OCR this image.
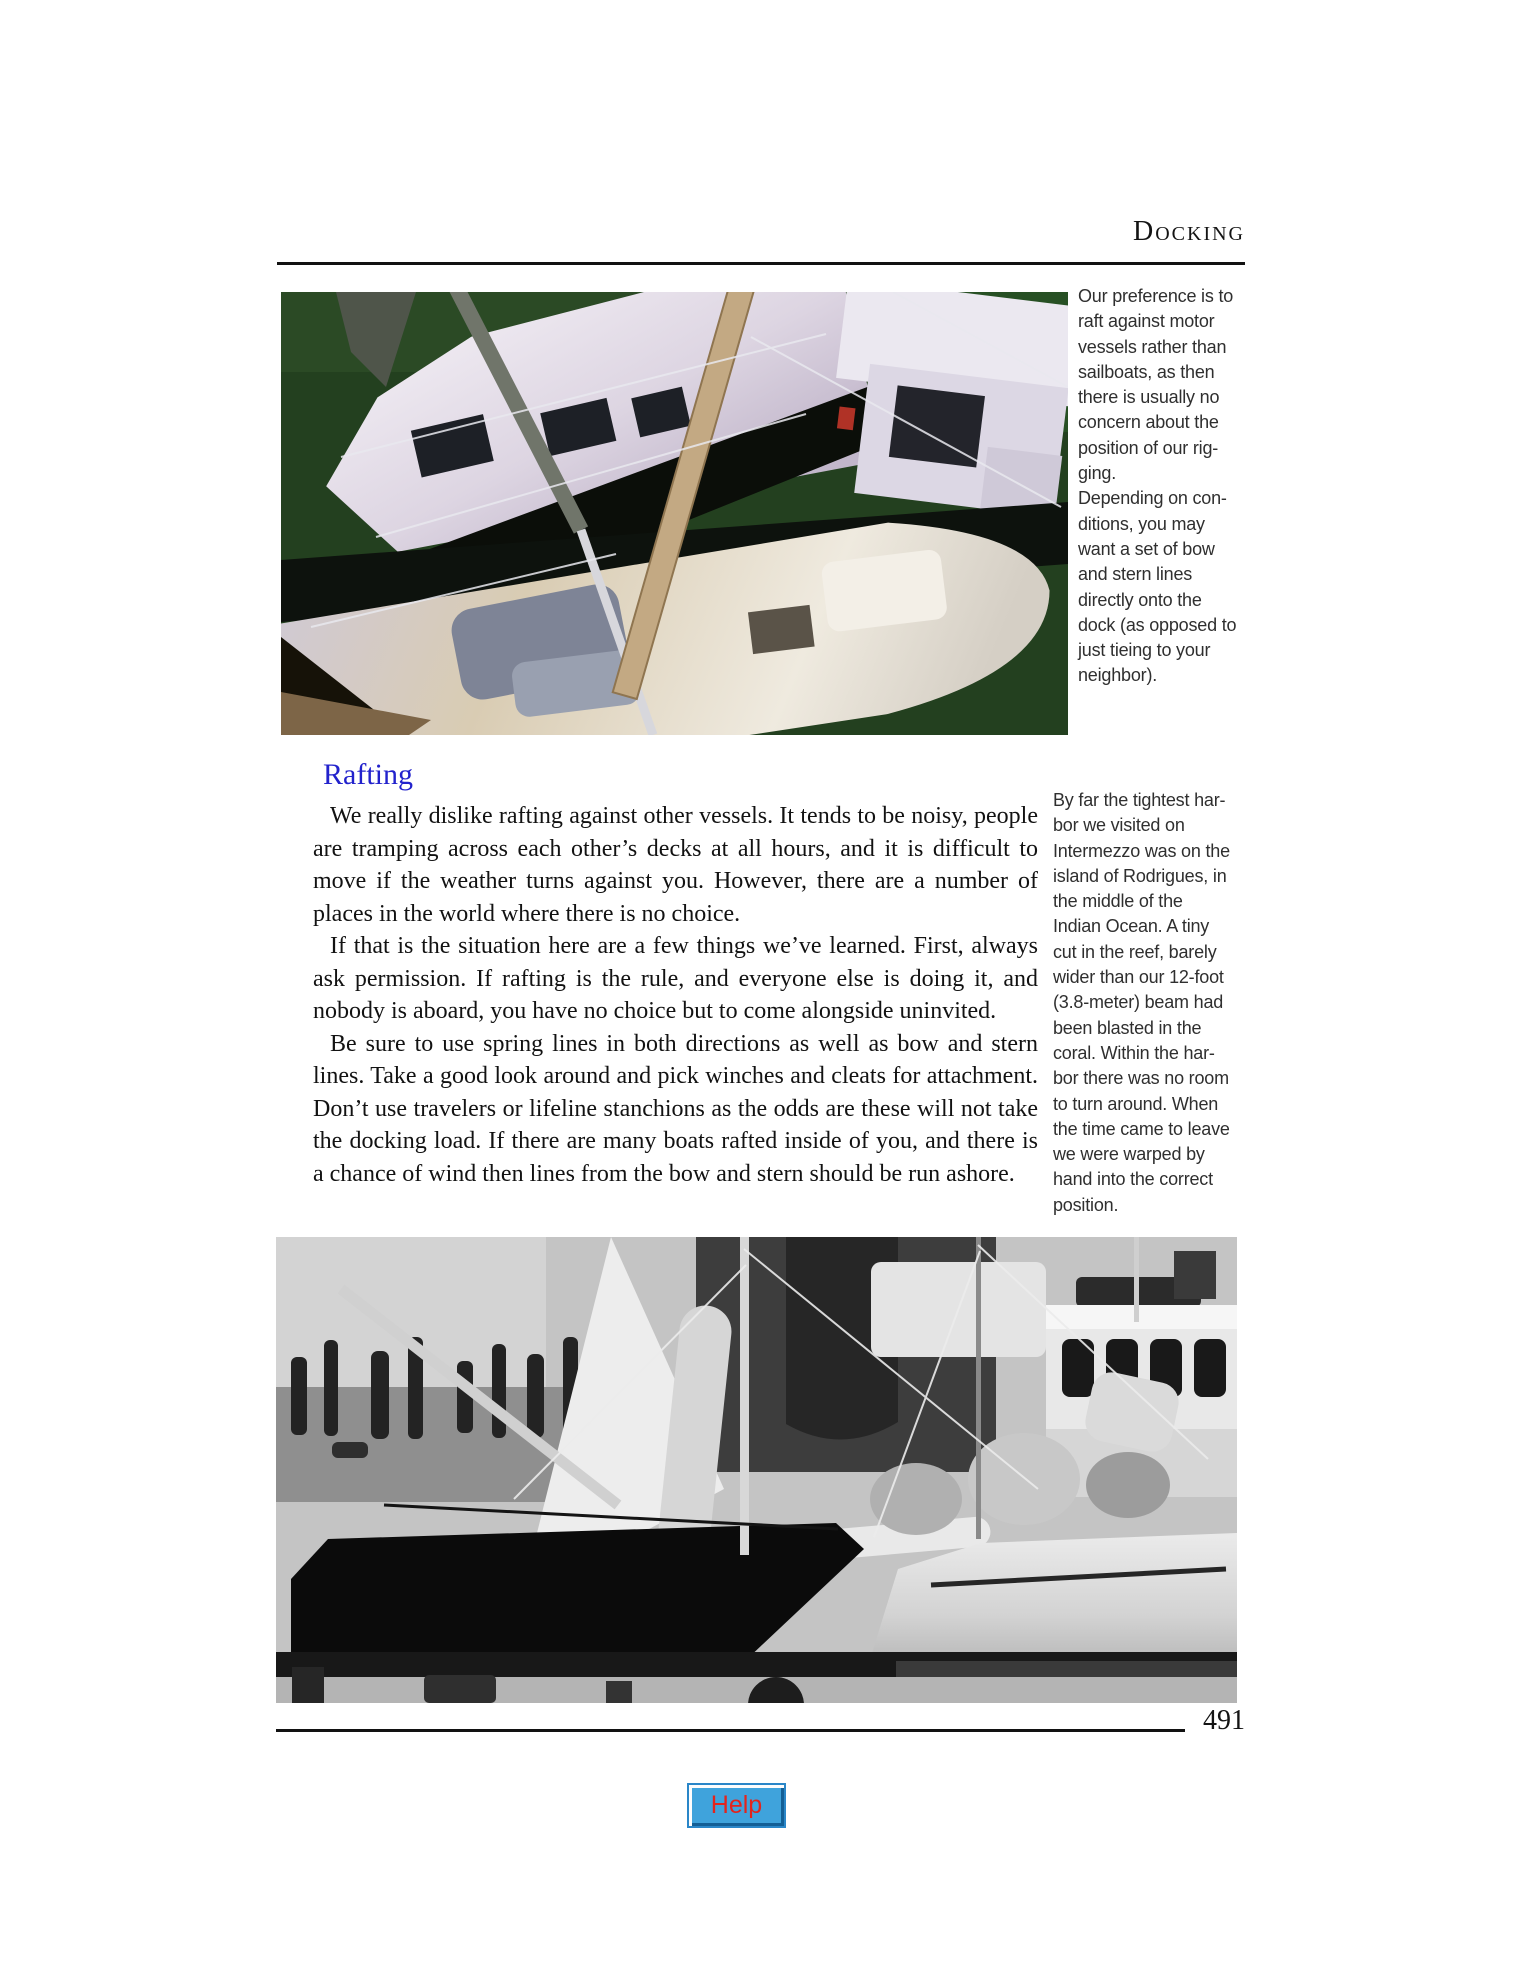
Docking
Our preference is to
raft against motor
vessels rather than
sailboats, as then
there is usually no
concern about the
position of our rig-
ging.
Depending on con-
ditions, you may
want a set of bow
and stern lines
directly onto the
dock (as opposed to
just tieing to your
neighbor).
Rafting

We really dislike rafting against other vessels. It tends to be noisy, people are tramping across each other’s decks at all hours, and it is difficult to move if the weather turns against you. However, there are a number of places in the world where there is no choice.

If that is the situation here are a few things we’ve learned. First, always ask permission. If rafting is the rule, and everyone else is doing it, and nobody is aboard, you have no choice but to come alongside uninvited.

Be sure to use spring lines in both directions as well as bow and stern lines. Take a good look around and pick winches and cleats for attachment. Don’t use travelers or lifeline stanchions as the odds are these will not take the docking load. If there are many boats rafted inside of you, and there is a chance of wind then lines from the bow and stern should be run ashore.

By far the tightest har-
bor we visited on
Intermezzo was on the
island of Rodrigues, in
the middle of the
Indian Ocean. A tiny
cut in the reef, barely
wider than our 12-foot
(3.8-meter) beam had
been blasted in the
coral. Within the har-
bor there was no room
to turn around. When
the time came to leave
we were warped by
hand into the correct
position.
491
Help
